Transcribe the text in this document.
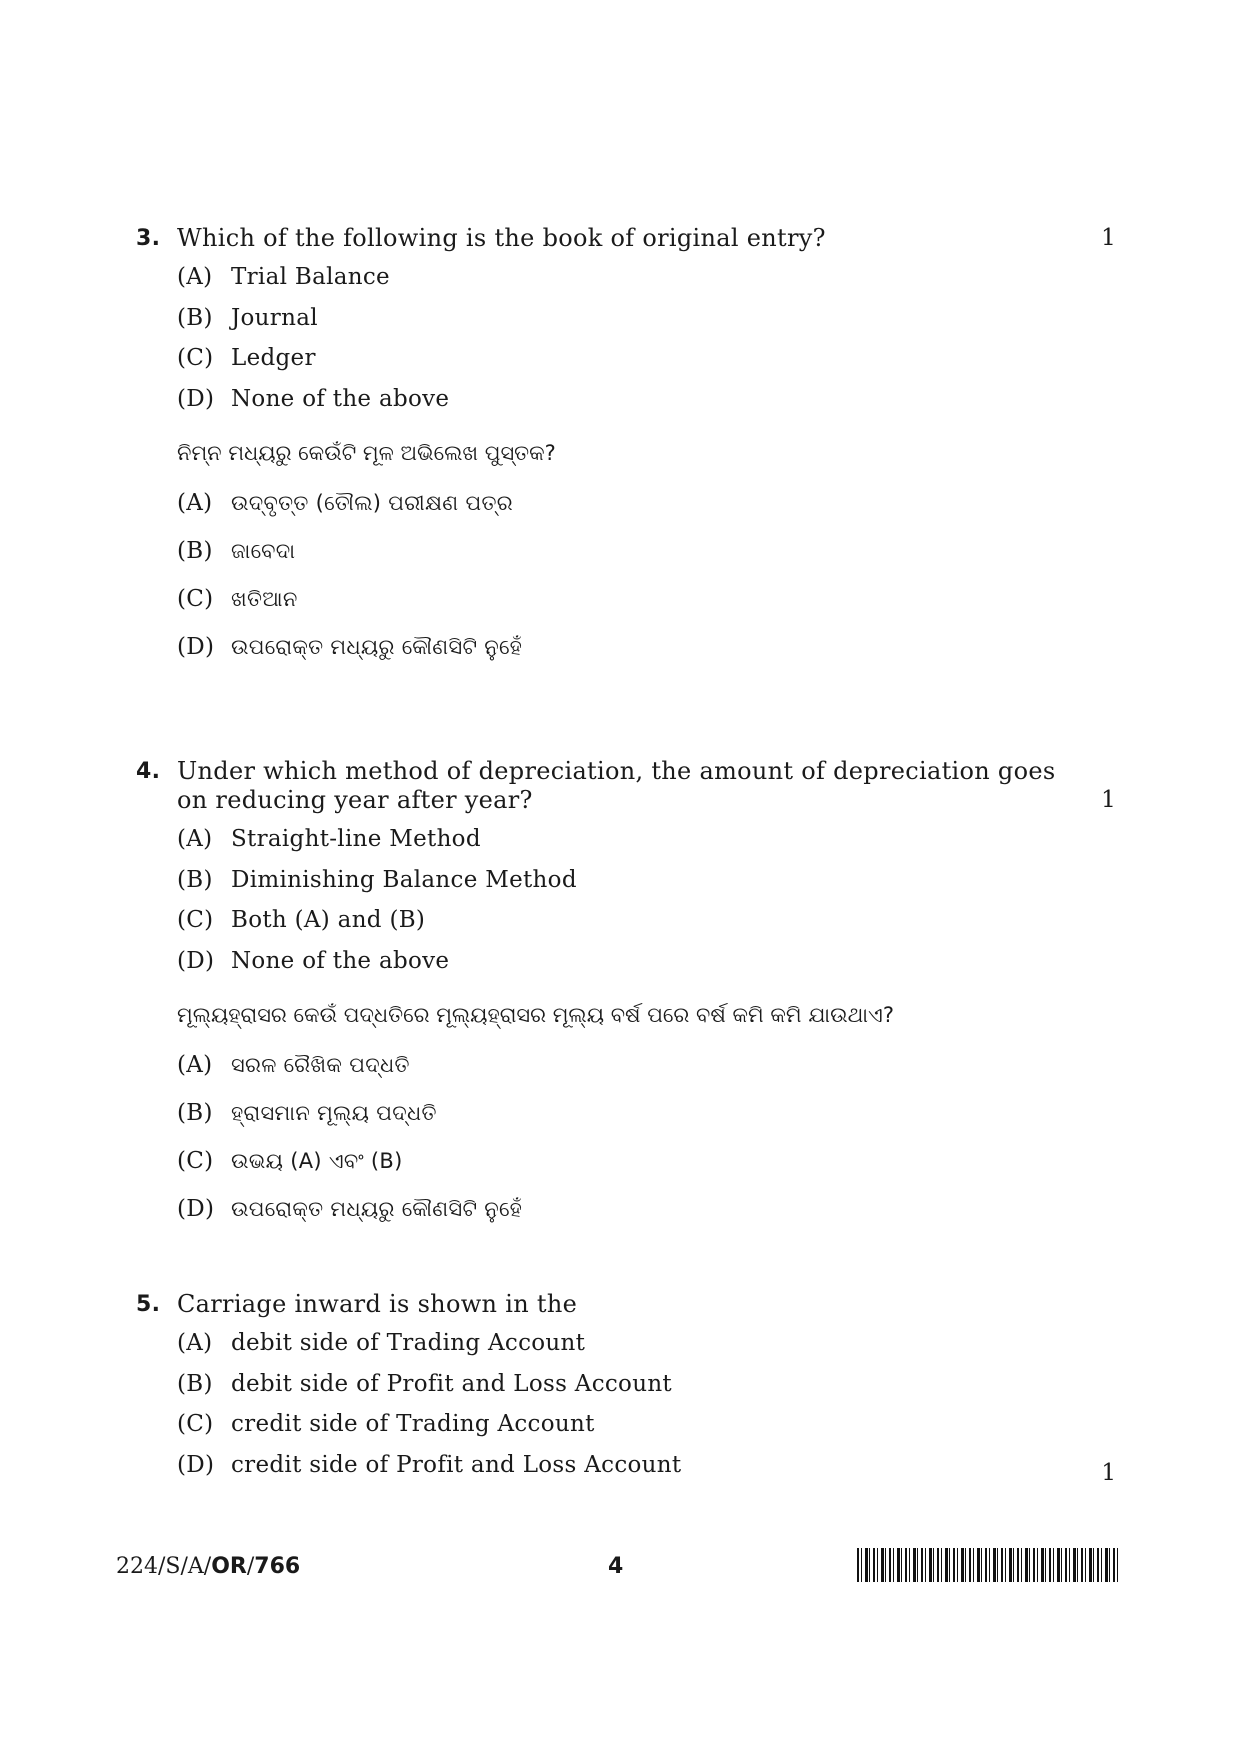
3. Which of the following is the book of original entry?	1
(A) Trial Balance
(B) Journal
(C) Ledger
(D) None of the above
ନିମ୍ନ ମଧ୍ୟରୁ କେଉଁଟି ମୂଳ ଅଭିଲେଖ ପୁସ୍ତକ?
(A) ଉଦ୍‌ବୃତ୍ତ (ତୌଲ) ପରୀକ୍ଷଣ ପତ୍ର
(B) ଜାବେଦା
(C) ଖତିଆନ
(D) ଉପରୋକ୍ତ ମଧ୍ୟରୁ କୌଣସିଟି ନୁହେଁ
4. Under which method of depreciation, the amount of depreciation goes on reducing year after year?	1
(A) Straight-line Method
(B) Diminishing Balance Method
(C) Both (A) and (B)
(D) None of the above
ମୂଲ୍ୟହ୍ରାସର କେଉଁ ପଦ୍ଧତିରେ ମୂଲ୍ୟହ୍ରାସର ମୂଲ୍ୟ ବର୍ଷ ପରେ ବର୍ଷ କମି କମି ଯାଉଥାଏ?
(A) ସରଳ ରୈଖିକ ପଦ୍ଧତି
(B) ହ୍ରାସମାନ ମୂଲ୍ୟ ପଦ୍ଧତି
(C) ଉଭୟ (A) ଏବଂ (B)
(D) ଉପରୋକ୍ତ ମଧ୍ୟରୁ କୌଣସିଟି ନୁହେଁ
5. Carriage inward is shown in the
(A) debit side of Trading Account
(B) debit side of Profit and Loss Account
(C) credit side of Trading Account
(D) credit side of Profit and Loss Account	1
224/S/A/OR/766	4
